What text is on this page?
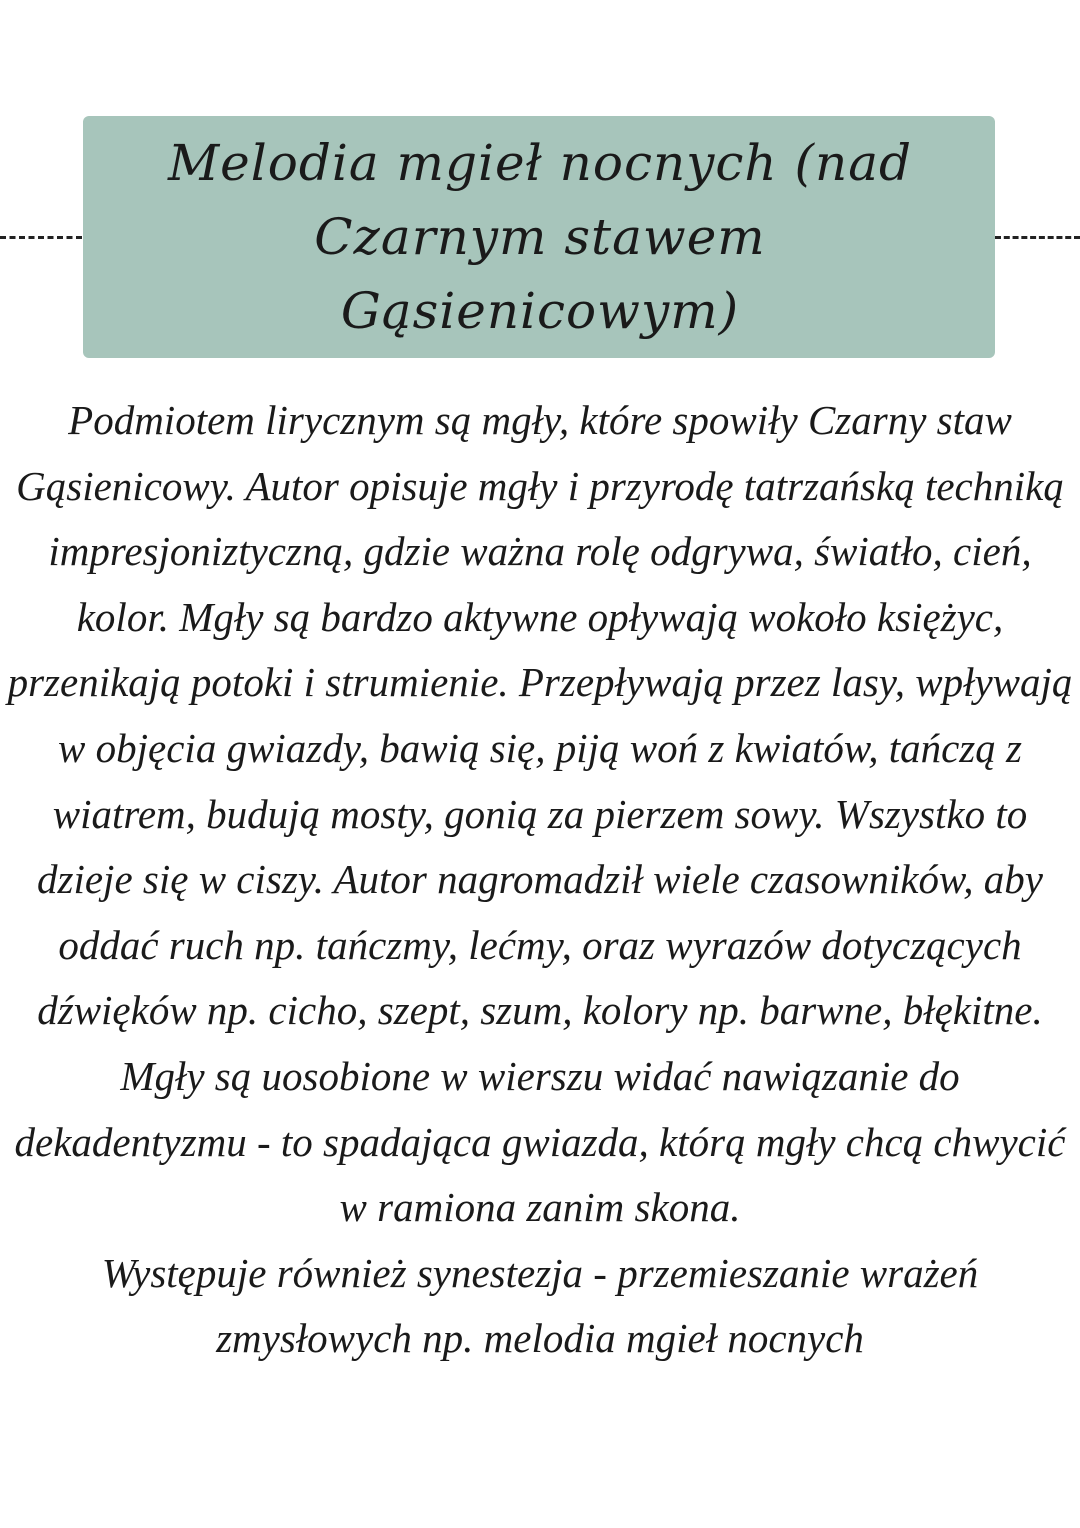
Melodia mgieł nocnych (nad Czarnym stawem Gąsienicowym)

Podmiotem lirycznym są mgły, które spowiły Czarny staw Gąsienicowy. Autor opisuje mgły i przyrodę tatrzańską techniką impresjoniztyczną, gdzie ważna rolę odgrywa, światło, cień, kolor. Mgły są bardzo aktywne opływają wokoło księżyc, przenikają potoki i strumienie. Przepływają przez lasy, wpływają w objęcia gwiazdy, bawią się, piją woń z kwiatów, tańczą z wiatrem, budują mosty, gonią za pierzem sowy. Wszystko to dzieje się w ciszy. Autor nagromadził wiele czasowników, aby oddać ruch np. tańczmy, lećmy, oraz wyrazów dotyczących dźwięków np. cicho, szept, szum, kolory np. barwne, błękitne.

Mgły są uosobione w wierszu widać nawiązanie do dekadentyzmu - to spadająca gwiazda, którą mgły chcą chwycić w ramiona zanim skona.

Występuje również synestezja - przemieszanie wrażeń zmysłowych np. melodia mgieł nocnych
